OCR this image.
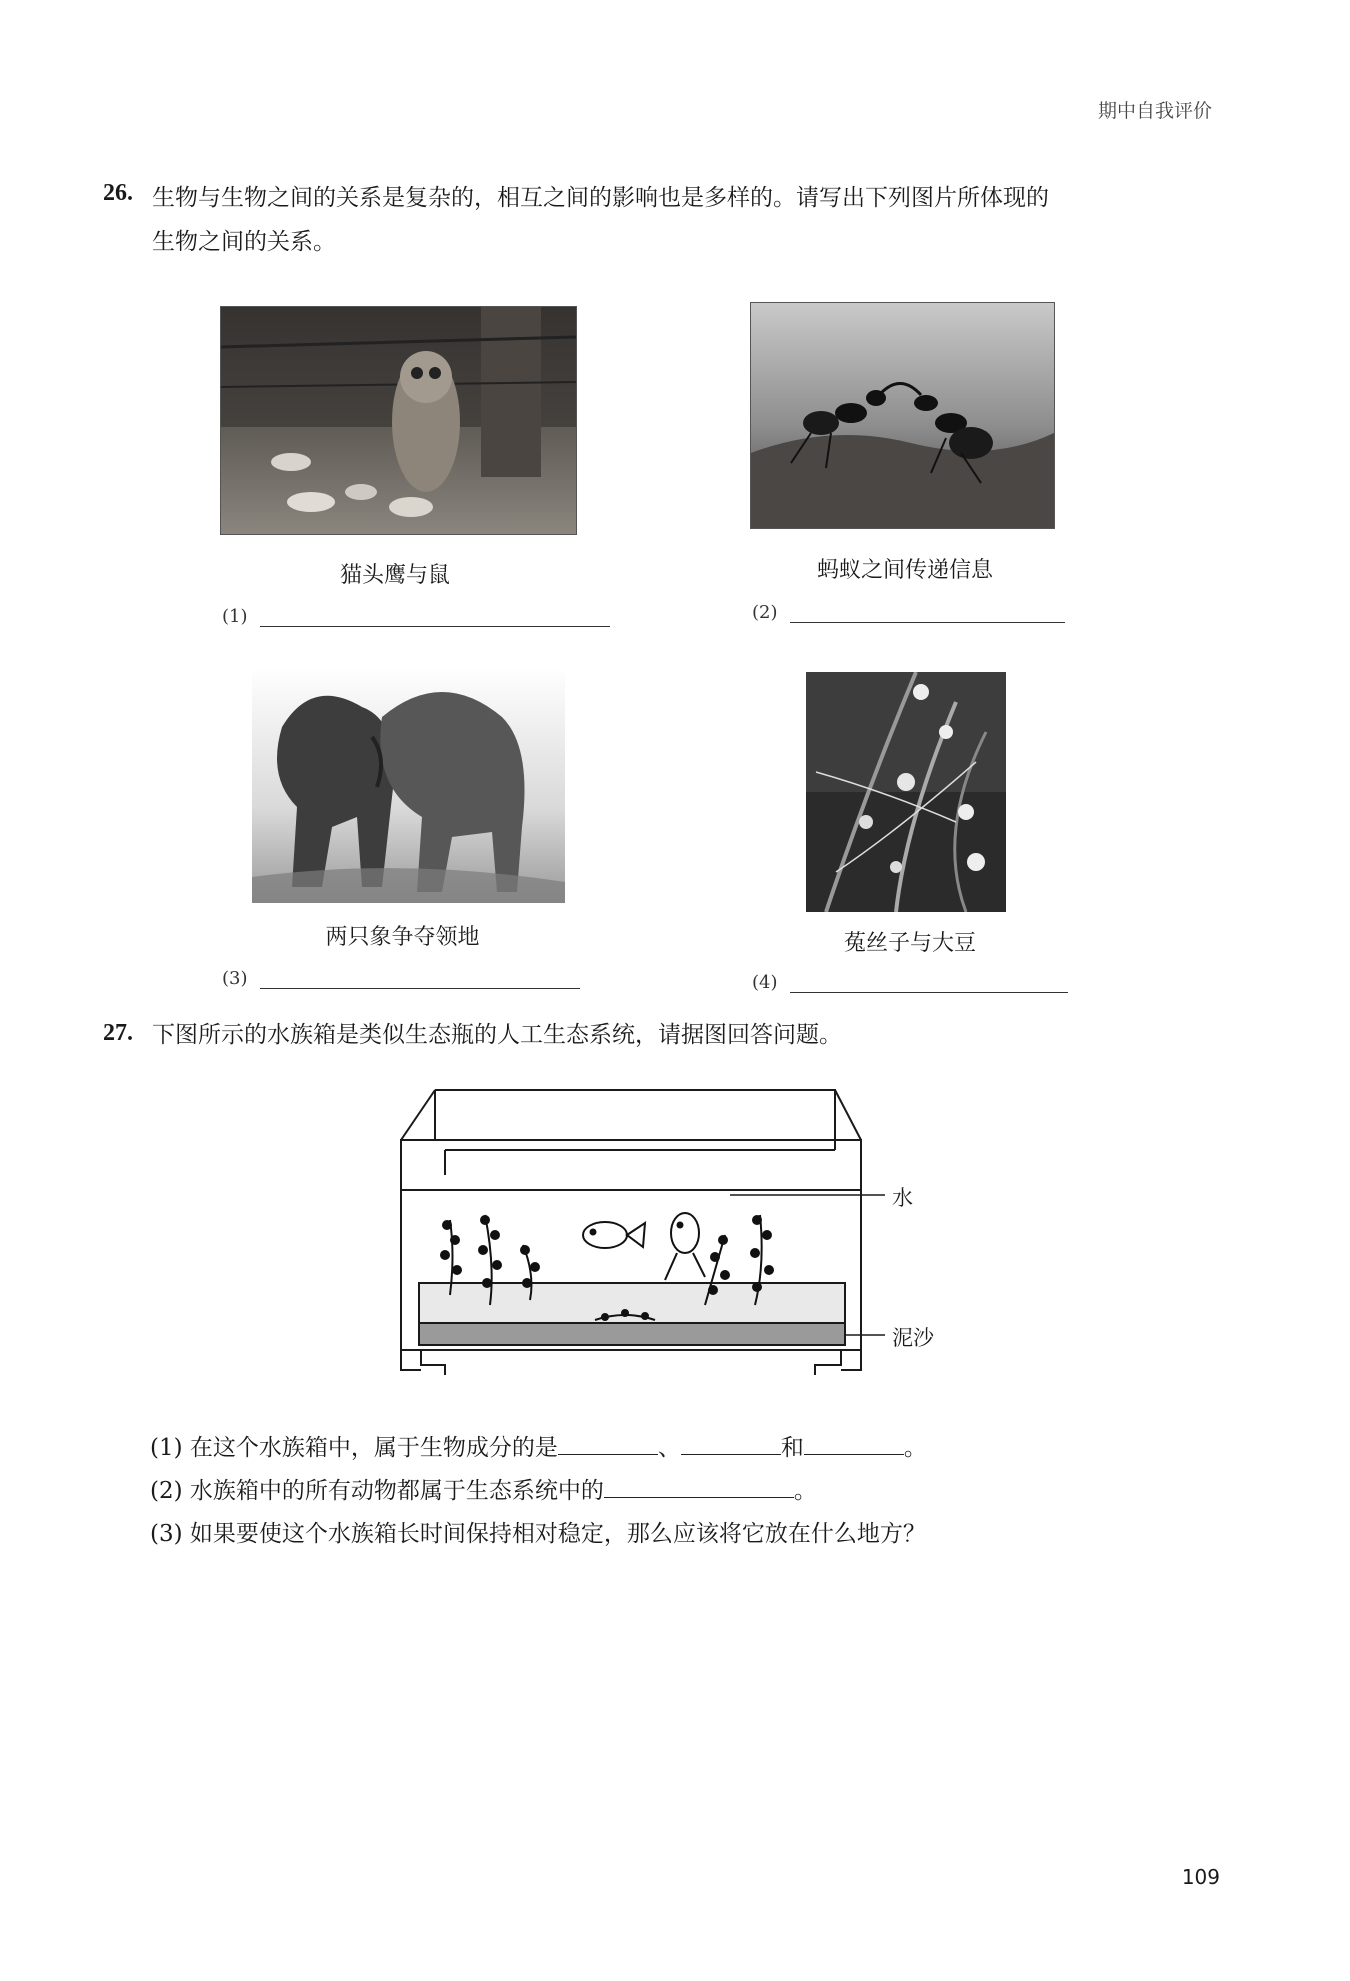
期中自我评价
26. 生物与生物之间的关系是复杂的，相互之间的影响也是多样的。请写出下列图片所体现的
生物之间的关系。
猫头鹰与鼠
(1)
蚂蚁之间传递信息
(2)
两只象争夺领地
(3)
菟丝子与大豆
(4)
27. 下图所示的水族箱是类似生态瓶的人工生态系统，请据图回答问题。
水
泥沙
(1) 在这个水族箱中，属于生物成分的是	、	和	。
(2) 水族箱中的所有动物都属于生态系统中的	。
(3) 如果要使这个水族箱长时间保持相对稳定，那么应该将它放在什么地方？
109
